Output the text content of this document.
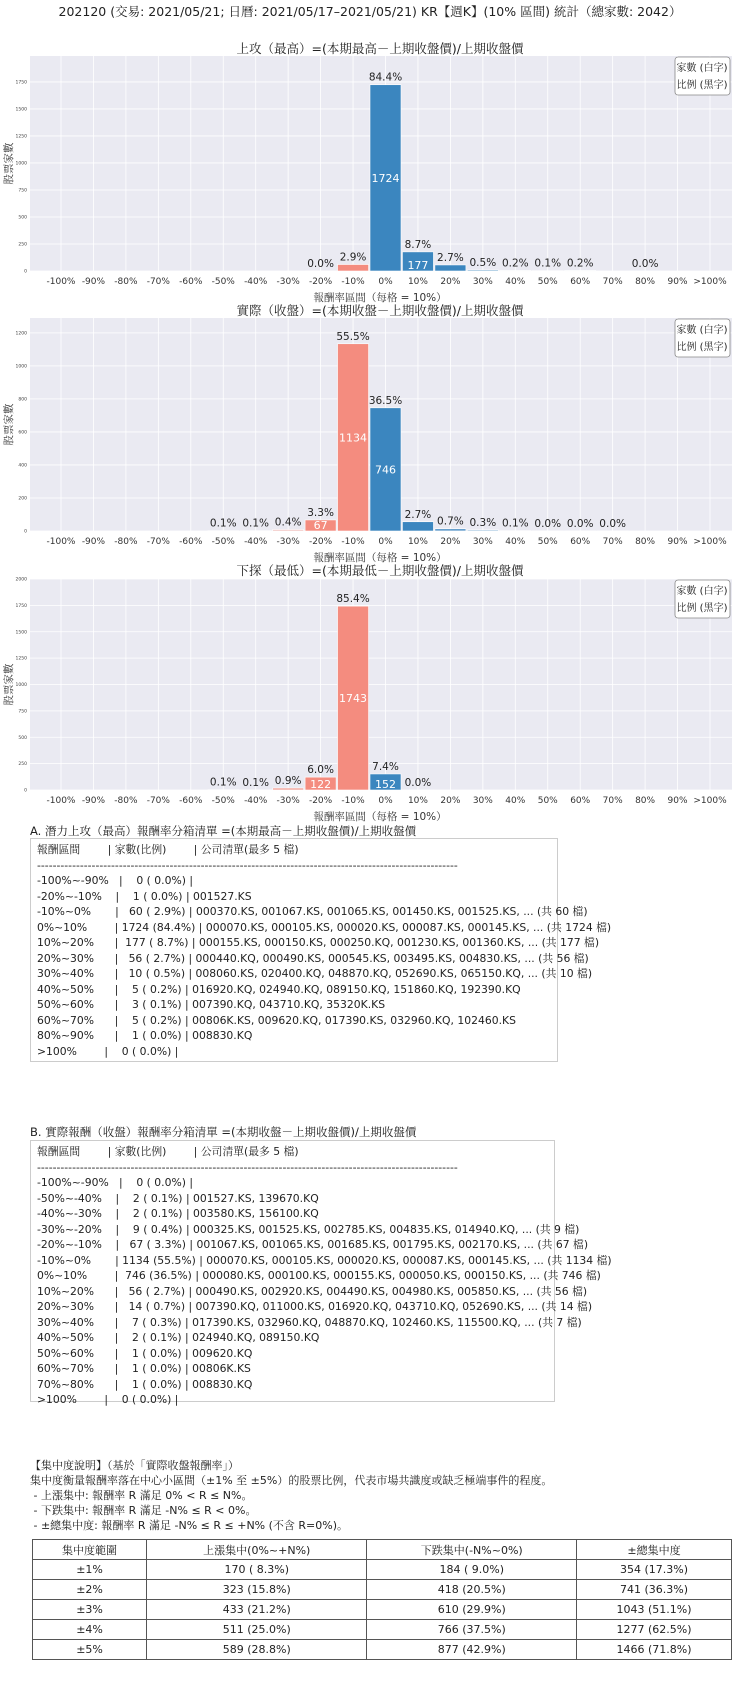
202120 (交易: 2021/05/21; 日曆: 2021/05/17–2021/05/21) KR【週K】(10% 區間) 統計（總家數: 2042）
上攻（最高）=(本期最高－上期收盤價)/上期收盤價
0
250
500
750
1000
1250
1500
1750
-100% -90% -80% -70% -60% -50% -40% -30% -20% -10% 0% 10% 20% 30% 40% 50% 60% 70% 80% 90% >100%
報酬率區間（每格 = 10%）
股票家數
0.0%
2.9%
1724
84.4%
177
8.7%
2.7% 0.5% 0.2% 0.1% 0.2%	0.0%
家數 (白字)
比例 (黑字)
實際（收盤）=(本期收盤－上期收盤價)/上期收盤價
0
200
400
600
800
1000
1200
-100% -90% -80% -70% -60% -50% -40% -30% -20% -10% 0% 10% 20% 30% 40% 50% 60% 70% 80% 90% >100%
報酬率區間（每格 = 10%）
股票家數
0.1% 0.1% 0.4% 67
3.3%
1134
55.5%
746
36.5%
2.7%
0.7% 0.3% 0.1% 0.0% 0.0% 0.0%
家數 (白字)
比例 (黑字)
下探（最低）=(本期最低－上期收盤價)/上期收盤價
0
250
500
750
1000
1250
1500
1750
2000
-100% -90% -80% -70% -60% -50% -40% -30% -20% -10% 0% 10% 20% 30% 40% 50% 60% 70% 80% 90% >100%
報酬率區間（每格 = 10%）
股票家數
0.1% 0.1% 0.9% 122
6.0%
1743
85.4%
152
7.4%
0.0%
家數 (白字)
比例 (黑字)
A. 潛力上攻（最高）報酬率分箱清單 =(本期最高－上期收盤價)/上期收盤價
報酬區間        | 家數(比例)        | 公司清單(最多 5 檔)
------------------------------------------------------------------------------------------------------------
-100%~-90%   |    0 ( 0.0%) |
-20%~-10%    |    1 ( 0.0%) | 001527.KS
-10%~0%       |   60 ( 2.9%) | 000370.KS, 001067.KS, 001065.KS, 001450.KS, 001525.KS, ... (共 60 檔)
0%~10%        | 1724 (84.4%) | 000070.KS, 000105.KS, 000020.KS, 000087.KS, 000145.KS, ... (共 1724 檔)
10%~20%      |  177 ( 8.7%) | 000155.KS, 000150.KS, 000250.KQ, 001230.KS, 001360.KS, ... (共 177 檔)
20%~30%      |   56 ( 2.7%) | 000440.KQ, 000490.KS, 000545.KS, 003495.KS, 004830.KS, ... (共 56 檔)
30%~40%      |   10 ( 0.5%) | 008060.KS, 020400.KQ, 048870.KQ, 052690.KS, 065150.KQ, ... (共 10 檔)
40%~50%      |    5 ( 0.2%) | 016920.KQ, 024940.KQ, 089150.KQ, 151860.KQ, 192390.KQ
50%~60%      |    3 ( 0.1%) | 007390.KQ, 043710.KQ, 35320K.KS
60%~70%      |    5 ( 0.2%) | 00806K.KS, 009620.KQ, 017390.KS, 032960.KQ, 102460.KS
80%~90%      |    1 ( 0.0%) | 008830.KQ
>100%        |    0 ( 0.0%) |
B. 實際報酬（收盤）報酬率分箱清單 =(本期收盤－上期收盤價)/上期收盤價
報酬區間        | 家數(比例)        | 公司清單(最多 5 檔)
------------------------------------------------------------------------------------------------------------
-100%~-90%   |    0 ( 0.0%) |
-50%~-40%    |    2 ( 0.1%) | 001527.KS, 139670.KQ
-40%~-30%    |    2 ( 0.1%) | 003580.KS, 156100.KQ
-30%~-20%    |    9 ( 0.4%) | 000325.KS, 001525.KS, 002785.KS, 004835.KS, 014940.KQ, ... (共 9 檔)
-20%~-10%    |   67 ( 3.3%) | 001067.KS, 001065.KS, 001685.KS, 001795.KS, 002170.KS, ... (共 67 檔)
-10%~0%       | 1134 (55.5%) | 000070.KS, 000105.KS, 000020.KS, 000087.KS, 000145.KS, ... (共 1134 檔)
0%~10%        |  746 (36.5%) | 000080.KS, 000100.KS, 000155.KS, 000050.KS, 000150.KS, ... (共 746 檔)
10%~20%      |   56 ( 2.7%) | 000490.KS, 002920.KS, 004490.KS, 004980.KS, 005850.KS, ... (共 56 檔)
20%~30%      |   14 ( 0.7%) | 007390.KQ, 011000.KS, 016920.KQ, 043710.KQ, 052690.KS, ... (共 14 檔)
30%~40%      |    7 ( 0.3%) | 017390.KS, 032960.KQ, 048870.KQ, 102460.KS, 115500.KQ, ... (共 7 檔)
40%~50%      |    2 ( 0.1%) | 024940.KQ, 089150.KQ
50%~60%      |    1 ( 0.0%) | 009620.KQ
60%~70%      |    1 ( 0.0%) | 00806K.KS
70%~80%      |    1 ( 0.0%) | 008830.KQ
>100%        |    0 ( 0.0%) |
【集中度說明】（基於「實際收盤報酬率」）
集中度衡量報酬率落在中心小區間（±1% 至 ±5%）的股票比例，代表市場共識度或缺乏極端事件的程度。
- 上漲集中: 報酬率 R 滿足 0% < R ≤ N%。
- 下跌集中: 報酬率 R 滿足 -N% ≤ R < 0%。
- ±總集中度: 報酬率 R 滿足 -N% ≤ R ≤ +N% (不含 R=0%)。
集中度範圍	上漲集中(0%~+N%)	下跌集中(-N%~0%)	±總集中度
±1%	170 ( 8.3%)	184 ( 9.0%)	354 (17.3%)
±2%	323 (15.8%)	418 (20.5%)	741 (36.3%)
±3%	433 (21.2%)	610 (29.9%)	1043 (51.1%)
±4%	511 (25.0%)	766 (37.5%)	1277 (62.5%)
±5%	589 (28.8%)	877 (42.9%)	1466 (71.8%)
